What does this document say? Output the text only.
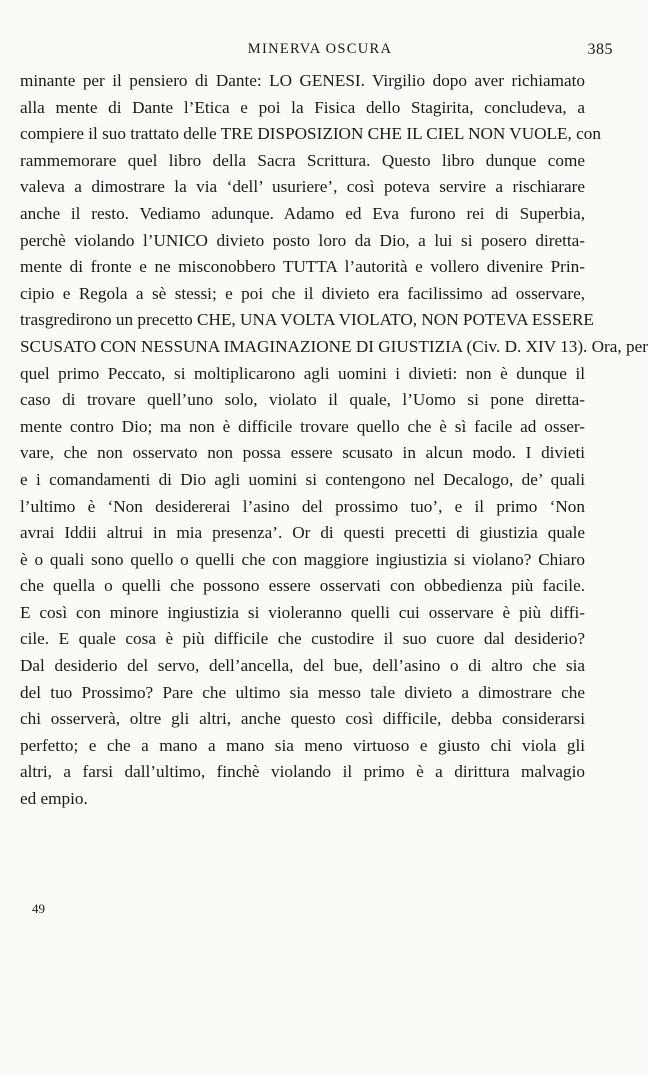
MINERVA OSCURA	385
minante per il pensiero di Dante: LO GENESI. Virgilio dopo aver richiamato
alla mente di Dante l’Etica e poi la Fisica dello Stagirita, concludeva, a
compiere il suo trattato delle TRE DISPOSIZION CHE IL CIEL NON VUOLE, con
rammemorare quel libro della Sacra Scrittura. Questo libro dunque come
valeva a dimostrare la via ‘dell’ usuriere’, così poteva servire a rischiarare
anche il resto. Vediamo adunque. Adamo ed Eva furono rei di Superbia,
perchè violando l’UNICO divieto posto loro da Dio, a lui si posero diretta-
mente di fronte e ne misconobbero TUTTA l’autorità e vollero divenire Prin-
cipio e Regola a sè stessi; e poi che il divieto era facilissimo ad osservare,
trasgredirono un precetto CHE, UNA VOLTA VIOLATO, NON POTEVA ESSERE
SCUSATO CON NESSUNA IMAGINAZIONE DI GIUSTIZIA (Civ. D. XIV 13). Ora, per
quel primo Peccato, si moltiplicarono agli uomini i divieti: non è dunque il
caso di trovare quell’uno solo, violato il quale, l’Uomo si pone diretta-
mente contro Dio; ma non è difficile trovare quello che è sì facile ad osser-
vare, che non osservato non possa essere scusato in alcun modo. I divieti
e i comandamenti di Dio agli uomini si contengono nel Decalogo, de’ quali
l’ultimo è ‘Non desidererai l’asino del prossimo tuo’, e il primo ‘Non
avrai Iddii altrui in mia presenza’. Or di questi precetti di giustizia quale
è o quali sono quello o quelli che con maggiore ingiustizia si violano? Chiaro
che quella o quelli che possono essere osservati con obbedienza più facile.
E così con minore ingiustizia si violeranno quelli cui osservare è più diffi-
cile. E quale cosa è più difficile che custodire il suo cuore dal desiderio?
Dal desiderio del servo, dell’ancella, del bue, dell’asino o di altro che sia
del tuo Prossimo? Pare che ultimo sia messo tale divieto a dimostrare che
chi osserverà, oltre gli altri, anche questo così difficile, debba considerarsi
perfetto; e che a mano a mano sia meno virtuoso e giusto chi viola gli
altri, a farsi dall’ultimo, finchè violando il primo è a dirittura malvagio
ed empio.
49
